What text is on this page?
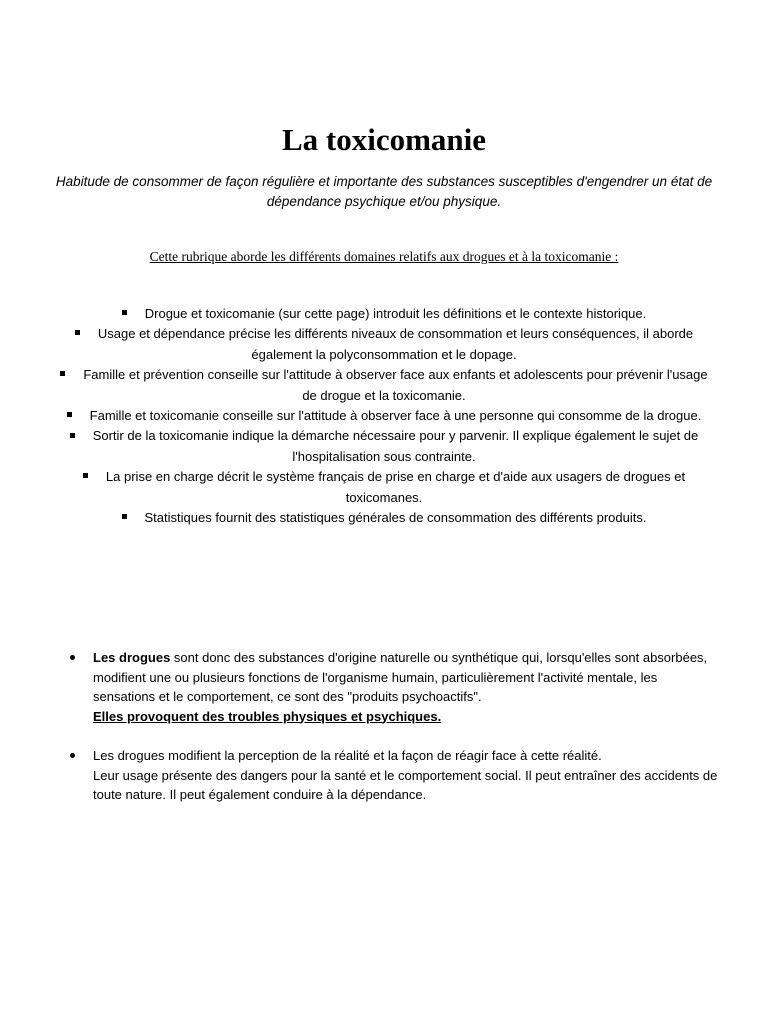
La toxicomanie

Habitude de consommer de façon régulière et importante des substances susceptibles d'engendrer un état de dépendance psychique et/ou physique.

Cette rubrique aborde les différents domaines relatifs aux drogues et à la toxicomanie :

Drogue et toxicomanie (sur cette page) introduit les définitions et le contexte historique.
Usage et dépendance précise les différents niveaux de consommation et leurs conséquences, il aborde également la polyconsommation et le dopage.
Famille et prévention conseille sur l'attitude à observer face aux enfants et adolescents pour prévenir l'usage de drogue et la toxicomanie.
Famille et toxicomanie conseille sur l'attitude à observer face à une personne qui consomme de la drogue.
Sortir de la toxicomanie indique la démarche nécessaire pour y parvenir. Il explique également le sujet de l'hospitalisation sous contrainte.
La prise en charge décrit le système français de prise en charge et d'aide aux usagers de drogues et toxicomanes.
Statistiques fournit des statistiques générales de consommation des différents produits.
Les drogues sont donc des substances d'origine naturelle ou synthétique qui, lorsqu'elles sont absorbées, modifient une ou plusieurs fonctions de l'organisme humain, particulièrement l'activité mentale, les sensations et le comportement, ce sont des "produits psychoactifs".
Elles provoquent des troubles physiques et psychiques.
Les drogues modifient la perception de la réalité et la façon de réagir face à cette réalité.
Leur usage présente des dangers pour la santé et le comportement social. Il peut entraîner des accidents de toute nature. Il peut également conduire à la dépendance.
